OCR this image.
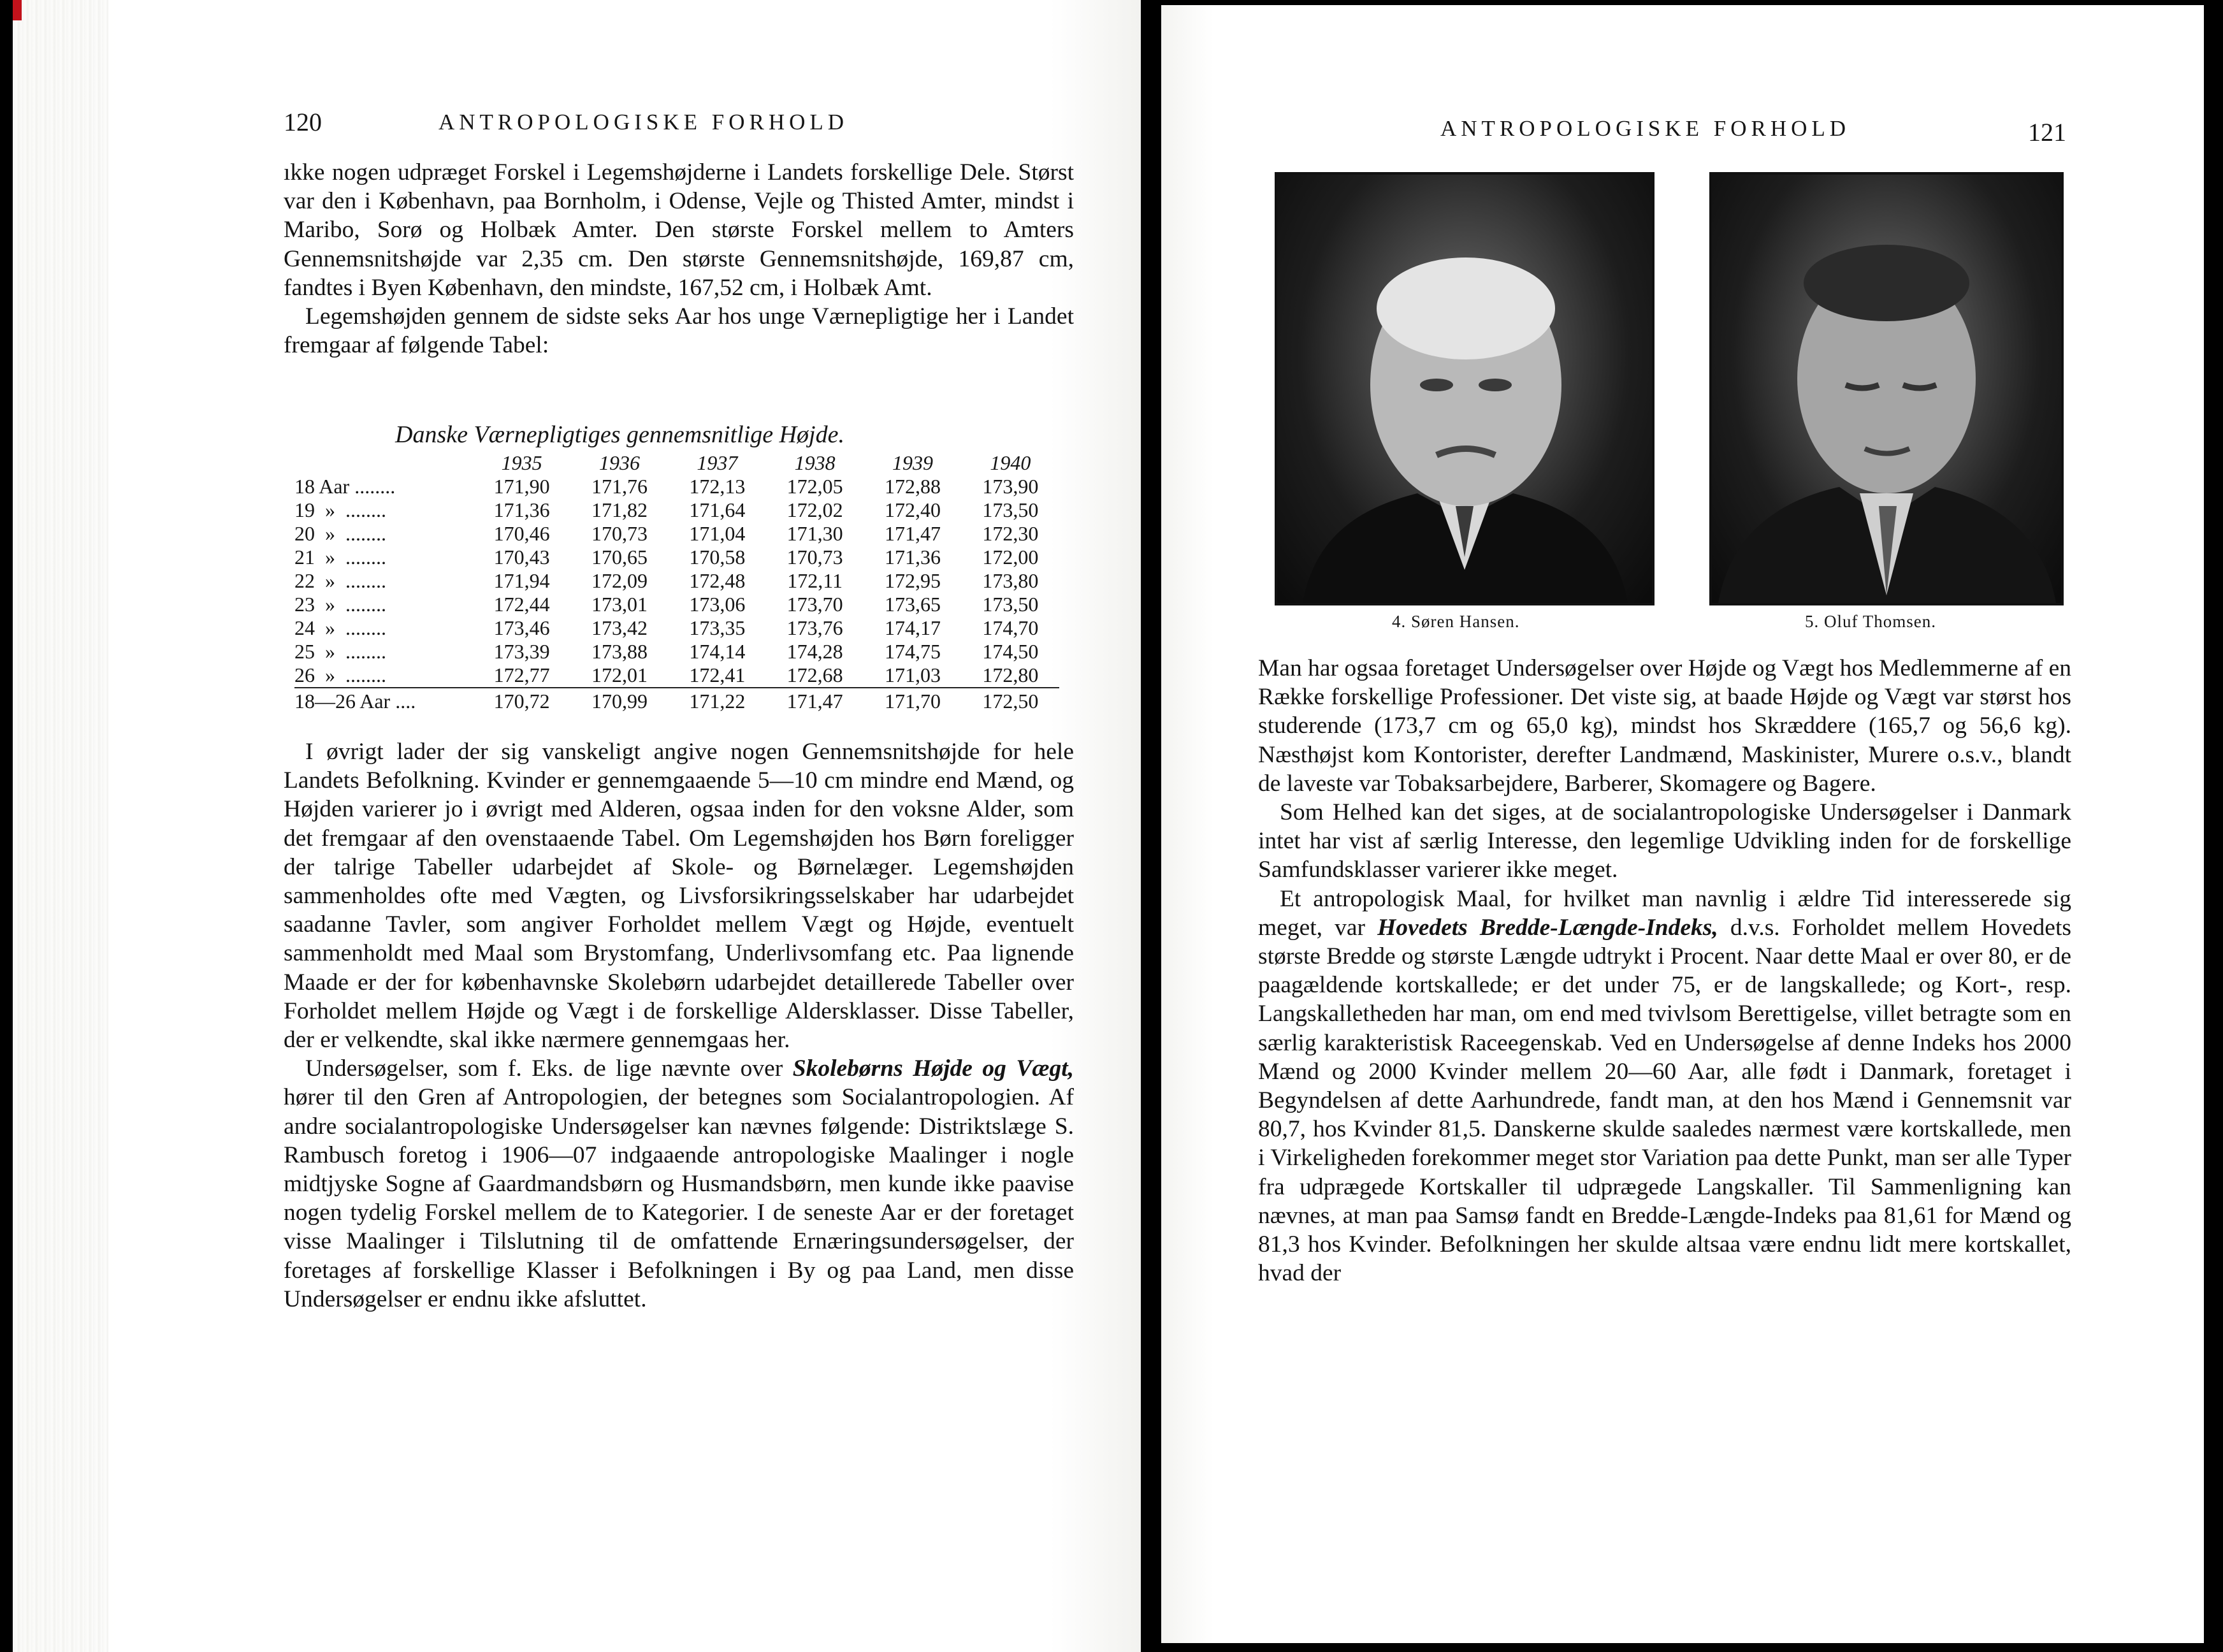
120	ANTROPOLOGISKE FORHOLD

ıkke nogen udpræget Forskel i Legemshøjderne i Landets forskellige Dele. Størst var den i København, paa Bornholm, i Odense, Vejle og Thisted Amter, mindst i Maribo, Sorø og Holbæk Amter. Den største Forskel mellem to Amters Gennemsnitshøjde var 2,35 cm. Den største Gennemsnitshøjde, 169,87 cm, fandtes i Byen København, den mindste, 167,52 cm, i Holbæk Amt.

Legemshøjden gennem de sidste seks Aar hos unge Værnepligtige her i Landet fremgaar af følgende Tabel:

Danske Værnepligtiges gennemsnitlige Højde.
	1935	1936	1937	1938	1939	1940
18 Aar ........	171,90	171,76	172,13	172,05	172,88	173,90
19  »  ........	171,36	171,82	171,64	172,02	172,40	173,50
20  »  ........	170,46	170,73	171,04	171,30	171,47	172,30
21  »  ........	170,43	170,65	170,58	170,73	171,36	172,00
22  »  ........	171,94	172,09	172,48	172,11	172,95	173,80
23  »  ........	172,44	173,01	173,06	173,70	173,65	173,50
24  »  ........	173,46	173,42	173,35	173,76	174,17	174,70
25  »  ........	173,39	173,88	174,14	174,28	174,75	174,50
26  »  ........	172,77	172,01	172,41	172,68	171,03	172,80
18—26 Aar ....	170,72	170,99	171,22	171,47	171,70	172,50

I øvrigt lader der sig vanskeligt angive nogen Gennemsnitshøjde for hele Landets Befolkning. Kvinder er gennemgaaende 5—10 cm mindre end Mænd, og Højden varierer jo i øvrigt med Alderen, ogsaa inden for den voksne Alder, som det fremgaar af den ovenstaaende Tabel. Om Legemshøjden hos Børn foreligger der talrige Tabeller udarbejdet af Skole- og Børnelæger. Legemshøjden sammenholdes ofte med Vægten, og Livsforsikringsselskaber har udarbejdet saadanne Tavler, som angiver Forholdet mellem Vægt og Højde, eventuelt sammenholdt med Maal som Brystomfang, Underlivsomfang etc. Paa lignende Maade er der for københavnske Skolebørn udarbejdet detaillerede Tabeller over Forholdet mellem Højde og Vægt i de forskellige Aldersklasser. Disse Tabeller, der er velkendte, skal ikke nærmere gennemgaas her.

Undersøgelser, som f. Eks. de lige nævnte over Skolebørns Højde og Vægt, hører til den Gren af Antropologien, der betegnes som Socialantropologien. Af andre socialantropologiske Undersøgelser kan nævnes følgende: Distriktslæge S. Rambusch foretog i 1906—07 indgaaende antropologiske Maalinger i nogle midtjyske Sogne af Gaardmandsbørn og Husmandsbørn, men kunde ikke paavise nogen tydelig Forskel mellem de to Kategorier. I de seneste Aar er der foretaget visse Maalinger i Tilslutning til de omfattende Ernæringsundersøgelser, der foretages af forskellige Klasser i Befolkningen i By og paa Land, men disse Undersøgelser er endnu ikke afsluttet.

ANTROPOLOGISKE FORHOLD	121
4. Søren Hansen.	5. Oluf Thomsen.

Man har ogsaa foretaget Undersøgelser over Højde og Vægt hos Medlemmerne af en Række forskellige Professioner. Det viste sig, at baade Højde og Vægt var størst hos studerende (173,7 cm og 65,0 kg), mindst hos Skræddere (165,7 og 56,6 kg). Næsthøjst kom Kontorister, derefter Landmænd, Maskinister, Murere o.s.v., blandt de laveste var Tobaksarbejdere, Barberer, Skomagere og Bagere.

Som Helhed kan det siges, at de socialantropologiske Undersøgelser i Danmark intet har vist af særlig Interesse, den legemlige Udvikling inden for de forskellige Samfundsklasser varierer ikke meget.

Et antropologisk Maal, for hvilket man navnlig i ældre Tid interesserede sig meget, var Hovedets Bredde-Længde-Indeks, d.v.s. Forholdet mellem Hovedets største Bredde og største Længde udtrykt i Procent. Naar dette Maal er over 80, er de paagældende kortskallede; er det under 75, er de langskallede; og Kort-, resp. Langskalletheden har man, om end med tvivlsom Berettigelse, villet betragte som en særlig karakteristisk Raceegenskab. Ved en Undersøgelse af denne Indeks hos 2000 Mænd og 2000 Kvinder mellem 20—60 Aar, alle født i Danmark, foretaget i Begyndelsen af dette Aarhundrede, fandt man, at den hos Mænd i Gennemsnit var 80,7, hos Kvinder 81,5. Danskerne skulde saaledes nærmest være kortskallede, men i Virkeligheden forekommer meget stor Variation paa dette Punkt, man ser alle Typer fra udprægede Kortskaller til udprægede Langskaller. Til Sammenligning kan nævnes, at man paa Samsø fandt en Bredde-Længde-Indeks paa 81,61 for Mænd og 81,3 hos Kvinder. Befolkningen her skulde altsaa være endnu lidt mere kortskallet, hvad der
